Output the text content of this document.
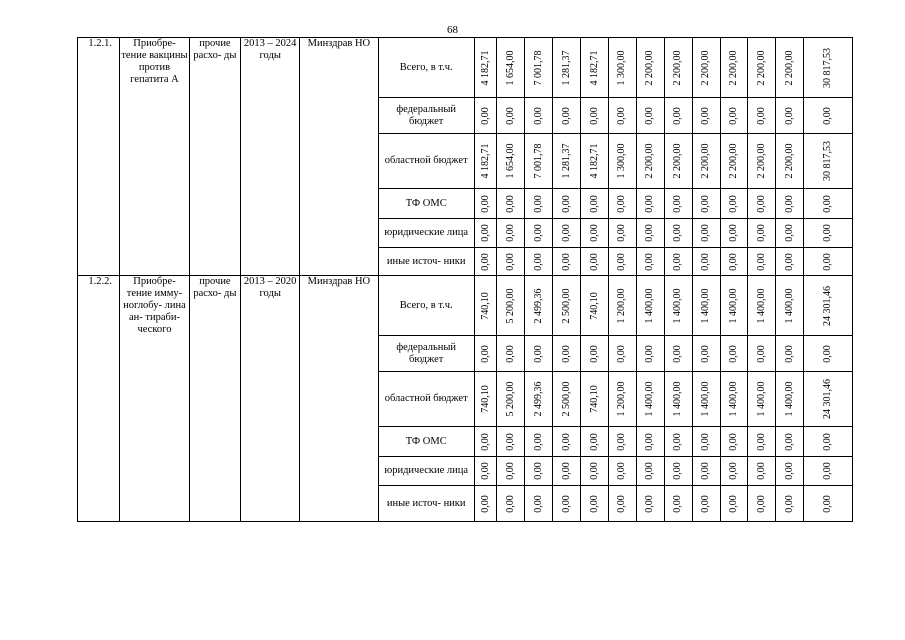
68
1.2.1.	Приобре- тение вакцины против гепатита А	прочие расхо- ды	2013 – 2024 годы	Минздрав НО	Всего, в т.ч.	4 182,71	1 654,00	7 001,78	1 281,37	4 182,71	1 300,00	2 200,00	2 200,00	2 200,00	2 200,00	2 200,00	2 200,00	30 817,53

					федеральный бюджет	0,00	0,00	0,00	0,00	0,00	0,00	0,00	0,00	0,00	0,00	0,00	0,00	0,00

					областной бюджет	4 182,71	1 654,00	7 001,78	1 281,37	4 182,71	1 300,00	2 200,00	2 200,00	2 200,00	2 200,00	2 200,00	2 200,00	30 817,53

					ТФ ОМС	0,00	0,00	0,00	0,00	0,00	0,00	0,00	0,00	0,00	0,00	0,00	0,00	0,00

					юридические лица	0,00	0,00	0,00	0,00	0,00	0,00	0,00	0,00	0,00	0,00	0,00	0,00	0,00

					иные источ- ники	0,00	0,00	0,00	0,00	0,00	0,00	0,00	0,00	0,00	0,00	0,00	0,00	0,00

1.2.2.	Приобре- тение иммy- ноглобу- лина ан- тираби- ческого	прочие расхо- ды	2013 – 2020 годы	Минздрав НО	Всего, в т.ч.	740,10	5 200,00	2 499,36	2 500,00	740,10	1 200,00	1 400,00	1 400,00	1 400,00	1 400,00	1 400,00	1 400,00	24 301,46

					федеральный бюджет	0,00	0,00	0,00	0,00	0,00	0,00	0,00	0,00	0,00	0,00	0,00	0,00	0,00

					областной бюджет	740,10	5 200,00	2 499,36	2 500,00	740,10	1 200,00	1 400,00	1 400,00	1 400,00	1 400,00	1 400,00	1 400,00	24 301,46

					ТФ ОМС	0,00	0,00	0,00	0,00	0,00	0,00	0,00	0,00	0,00	0,00	0,00	0,00	0,00

					юридические лица	0,00	0,00	0,00	0,00	0,00	0,00	0,00	0,00	0,00	0,00	0,00	0,00	0,00

					иные источ- ники	0,00	0,00	0,00	0,00	0,00	0,00	0,00	0,00	0,00	0,00	0,00	0,00	0,00
